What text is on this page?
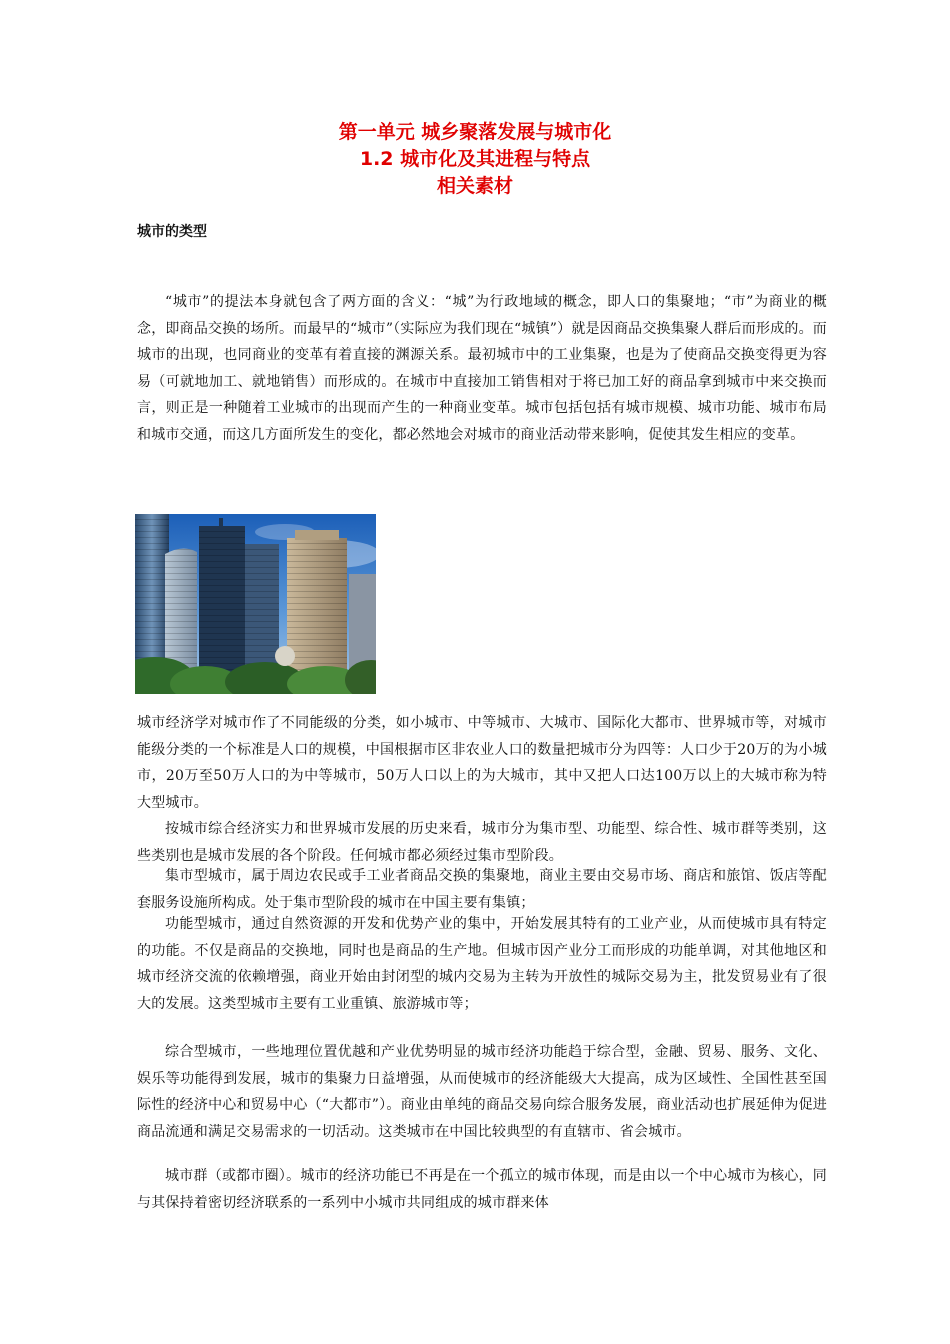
第一单元 城乡聚落发展与城市化
1.2 城市化及其进程与特点
相关素材
城市的类型

“城市”的提法本身就包含了两方面的含义：“城”为行政地域的概念，即人口的集聚地；“市”为商业的概念，即商品交换的场所。而最早的“城市”（实际应为我们现在“城镇”）就是因商品交换集聚人群后而形成的。而城市的出现，也同商业的变革有着直接的渊源关系。最初城市中的工业集聚，也是为了使商品交换变得更为容易（可就地加工、就地销售）而形成的。在城市中直接加工销售相对于将已加工好的商品拿到城市中来交换而言，则正是一种随着工业城市的出现而产生的一种商业变革。城市包括包括有城市规模、城市功能、城市布局和城市交通，而这几方面所发生的变化，都必然地会对城市的商业活动带来影响，促使其发生相应的变革。

城市经济学对城市作了不同能级的分类，如小城市、中等城市、大城市、国际化大都市、世界城市等，对城市能级分类的一个标准是人口的规模，中国根据市区非农业人口的数量把城市分为四等：人口少于20万的为小城市，20万至50万人口的为中等城市，50万人口以上的为大城市，其中又把人口达100万以上的大城市称为特大型城市。

按城市综合经济实力和世界城市发展的历史来看，城市分为集市型、功能型、综合性、城市群等类别，这些类别也是城市发展的各个阶段。任何城市都必须经过集市型阶段。

集市型城市，属于周边农民或手工业者商品交换的集聚地，商业主要由交易市场、商店和旅馆、饭店等配套服务设施所构成。处于集市型阶段的城市在中国主要有集镇；

功能型城市，通过自然资源的开发和优势产业的集中，开始发展其特有的工业产业，从而使城市具有特定的功能。不仅是商品的交换地，同时也是商品的生产地。但城市因产业分工而形成的功能单调，对其他地区和城市经济交流的依赖增强，商业开始由封闭型的城内交易为主转为开放性的城际交易为主，批发贸易业有了很大的发展。这类型城市主要有工业重镇、旅游城市等；

综合型城市，一些地理位置优越和产业优势明显的城市经济功能趋于综合型，金融、贸易、服务、文化、娱乐等功能得到发展，城市的集聚力日益增强，从而使城市的经济能级大大提高，成为区域性、全国性甚至国际性的经济中心和贸易中心（“大都市”）。商业由单纯的商品交易向综合服务发展，商业活动也扩展延伸为促进商品流通和满足交易需求的一切活动。这类城市在中国比较典型的有直辖市、省会城市。

城市群（或都市圈）。城市的经济功能已不再是在一个孤立的城市体现，而是由以一个中心城市为核心，同与其保持着密切经济联系的一系列中小城市共同组成的城市群来体
